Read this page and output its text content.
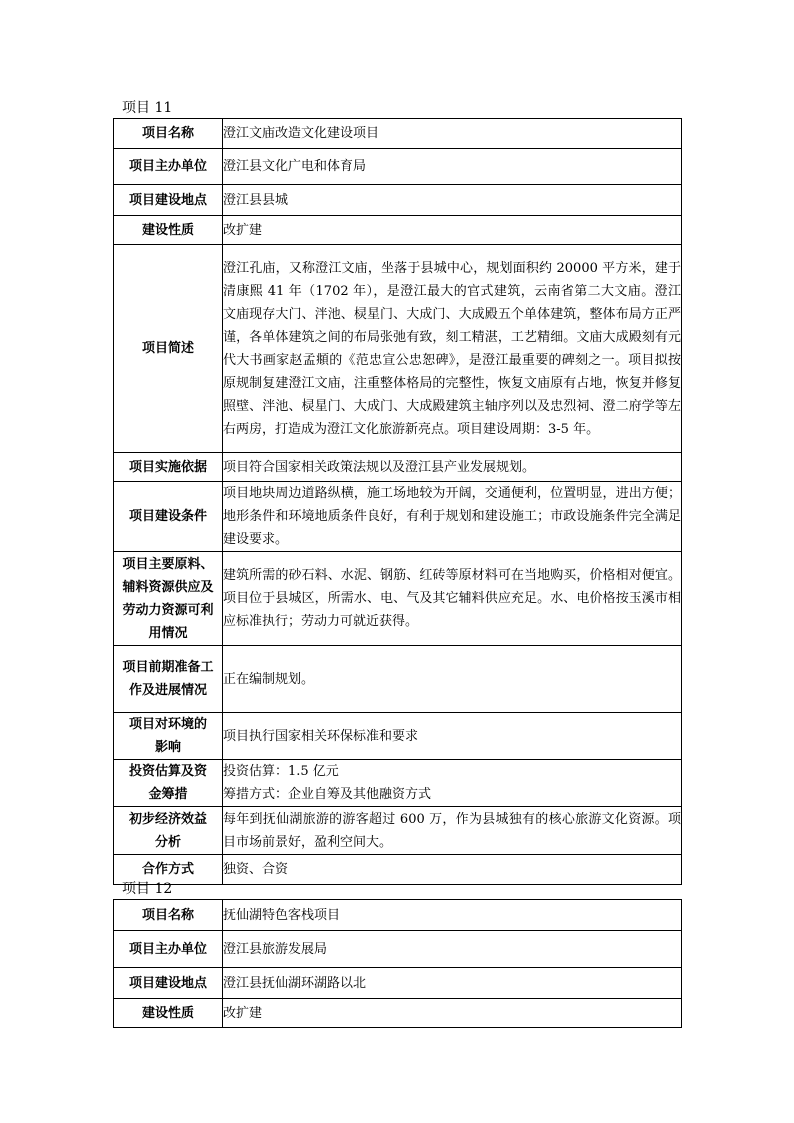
项目 11
项目名称	澄江文庙改造文化建设项目
项目主办单位	澄江县文化广电和体育局
项目建设地点	澄江县县城
建设性质	改扩建
项目简述	澄江孔庙，又称澄江文庙，坐落于县城中心，规划面积约 20000 平方米，建于清康熙 41 年（1702 年），是澄江最大的官式建筑，云南省第二大文庙。澄江文庙现存大门、泮池、棂星门、大成门、大成殿五个单体建筑，整体布局方正严谨，各单体建筑之间的布局张弛有致，刻工精湛，工艺精细。文庙大成殿刻有元代大书画家赵孟頫的《范忠宣公忠恕碑》，是澄江最重要的碑刻之一。项目拟按原规制复建澄江文庙，注重整体格局的完整性，恢复文庙原有占地，恢复并修复照壁、泮池、棂星门、大成门、大成殿建筑主轴序列以及忠烈祠、澄二府学等左右两房，打造成为澄江文化旅游新亮点。项目建设周期：3-5 年。

项目实施依据	项目符合国家相关政策法规以及澄江县产业发展规划。
项目建设条件	项目地块周边道路纵横，施工场地较为开阔，交通便利，位置明显，进出方便；地形条件和环境地质条件良好，有利于规划和建设施工；市政设施条件完全满足建设要求。

项目主要原料、辅料资源供应及劳动力资源可利用情况	建筑所需的砂石料、水泥、钢筋、红砖等原材料可在当地购买，价格相对便宜。项目位于县城区，所需水、电、气及其它辅料供应充足。水、电价格按玉溪市相应标准执行；劳动力可就近获得。

项目前期准备工作及进展情况	正在编制规划。
项目对环境的影响	项目执行国家相关环保标准和要求
投资估算及资金筹措	投资估算：1.5 亿元
筹措方式：企业自筹及其他融资方式

初步经济效益分析	每年到抚仙湖旅游的游客超过 600 万，作为县城独有的核心旅游文化资源。项目市场前景好，盈利空间大。

合作方式	独资、合资
项目 12
项目名称	抚仙湖特色客栈项目
项目主办单位	澄江县旅游发展局
项目建设地点	澄江县抚仙湖环湖路以北
建设性质	改扩建
